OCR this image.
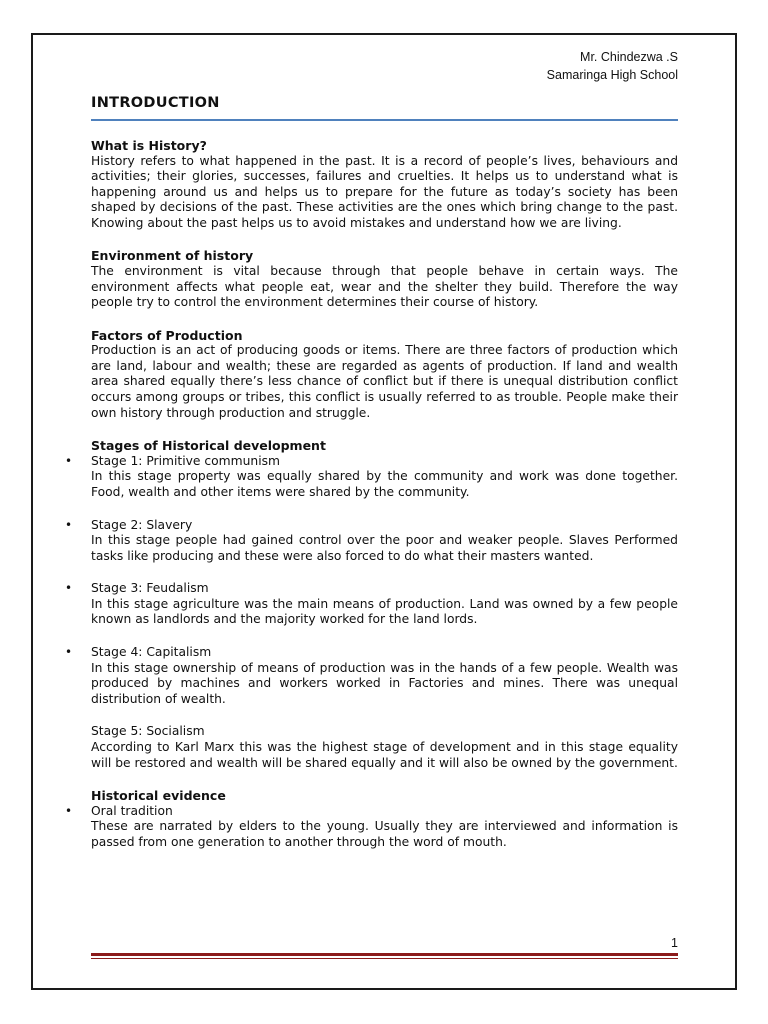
Mr. Chindezwa .S
Samaringa High School
INTRODUCTION
What is History?

History refers to what happened in the past. It is a record of people’s lives, behaviours and activities; their glories, successes, failures and cruelties. It helps us to understand what is happening around us and helps us to prepare for the future as today’s society has been shaped by decisions of the past. These activities are the ones which bring change to the past. Knowing about the past helps us to avoid mistakes and understand how we are living.

Environment of history

The environment is vital because through that people behave in certain ways. The environment affects what people eat, wear and the shelter they build. Therefore the way people try to control the environment determines their course of history.

Factors of Production

Production is an act of producing goods or items. There are three factors of production which are land, labour and wealth; these are regarded as agents of production. If land and wealth area shared equally there’s less chance of conflict but if there is unequal distribution conflict occurs among groups or tribes, this conflict is usually referred to as trouble. People make their own history through production and struggle.

Stages of Historical development
• Stage 1: Primitive communism

In this stage property was equally shared by the community and work was done together. Food, wealth and other items were shared by the community.

• Stage 2: Slavery

In this stage people had gained control over the poor and weaker people. Slaves Performed tasks like producing and these were also forced to do what their masters wanted.

• Stage 3: Feudalism

In this stage agriculture was the main means of production. Land was owned by a few people known as landlords and the majority worked for the land lords.

• Stage 4: Capitalism

In this stage ownership of means of production was in the hands of a few people. Wealth was produced by machines and workers worked in Factories and mines. There was unequal distribution of wealth.

Stage 5: Socialism

According to Karl Marx this was the highest stage of development and in this stage equality will be restored and wealth will be shared equally and it will also be owned by the government.

Historical evidence
• Oral tradition

These are narrated by elders to the young. Usually they are interviewed and information is passed from one generation to another through the word of mouth.

1
